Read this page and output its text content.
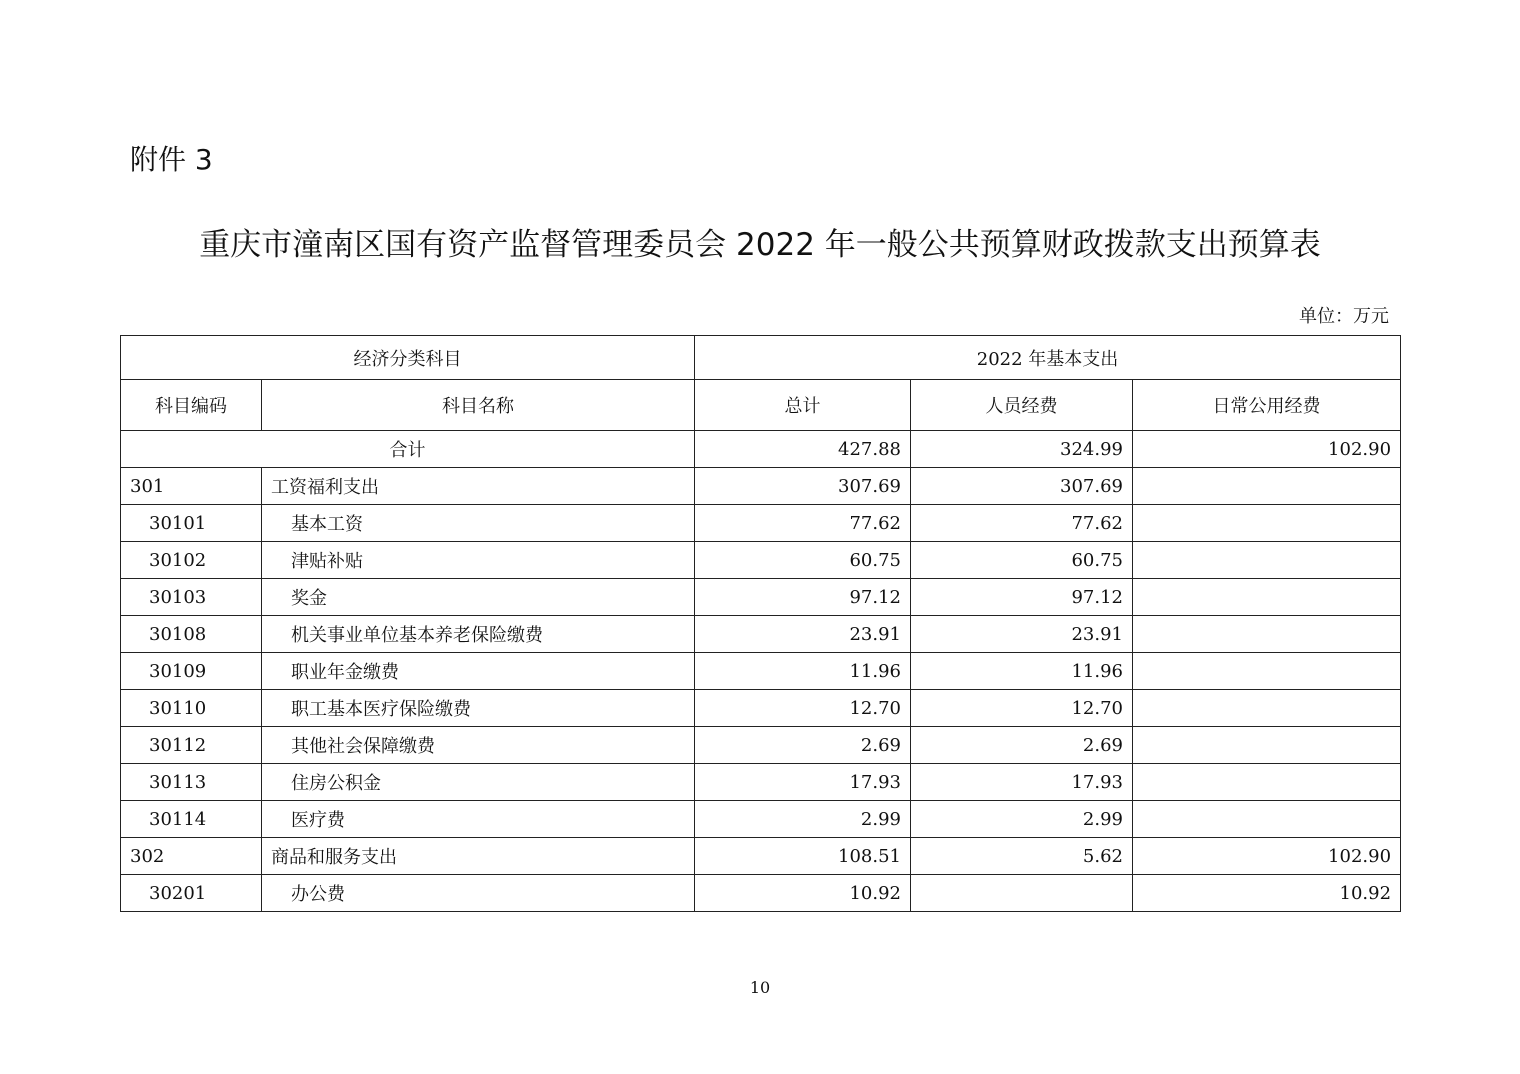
附件 3
重庆市潼南区国有资产监督管理委员会 2022 年一般公共预算财政拨款支出预算表
单位：万元
经济分类科目		2022 年基本支出		
科目编码	科目名称	总计	人员经费	日常公用经费
合计		427.88	324.99	102.90
301	工资福利支出	307.69	307.69	
30101	基本工资	77.62	77.62	
30102	津贴补贴	60.75	60.75	
30103	奖金	97.12	97.12	
30108	机关事业单位基本养老保险缴费	23.91	23.91	
30109	职业年金缴费	11.96	11.96	
30110	职工基本医疗保险缴费	12.70	12.70	
30112	其他社会保障缴费	2.69	2.69	
30113	住房公积金	17.93	17.93	
30114	医疗费	2.99	2.99	
302	商品和服务支出	108.51	5.62	102.90
30201	办公费	10.92		10.92
10
